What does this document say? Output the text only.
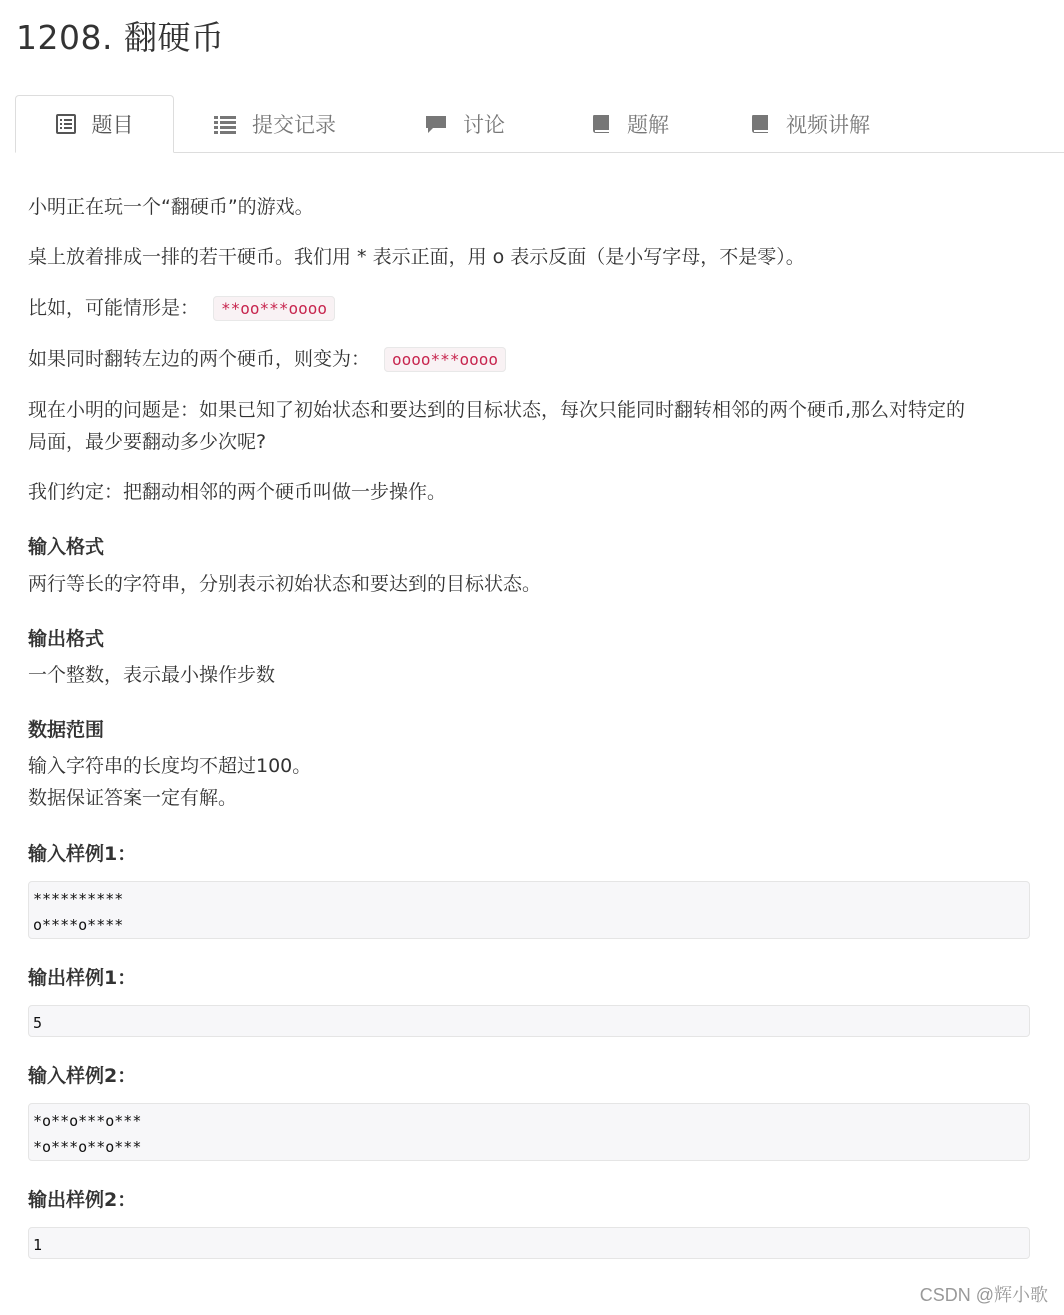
1208. 翻硬币
题目	提交记录	讨论	题解	视频讲解

小明正在玩一个“翻硬币”的游戏。

桌上放着排成一排的若干硬币。我们用 * 表示正面，用 o 表示反面（是小写字母，不是零）。

比如，可能情形是： **oo***oooo

如果同时翻转左边的两个硬币，则变为： oooo***oooo

现在小明的问题是：如果已知了初始状态和要达到的目标状态，每次只能同时翻转相邻的两个硬币,那么对特定的
局面，最少要翻动多少次呢?

我们约定：把翻动相邻的两个硬币叫做一步操作。

输入格式

两行等长的字符串，分别表示初始状态和要达到的目标状态。

输出格式

一个整数，表示最小操作步数

数据范围

输入字符串的长度均不超过100。
数据保证答案一定有解。

输入样例1：
**********
o****o****
输出样例1：
5
输入样例2：
*o**o***o***
*o***o**o***
输出样例2：
1
CSDN @辉小歌
